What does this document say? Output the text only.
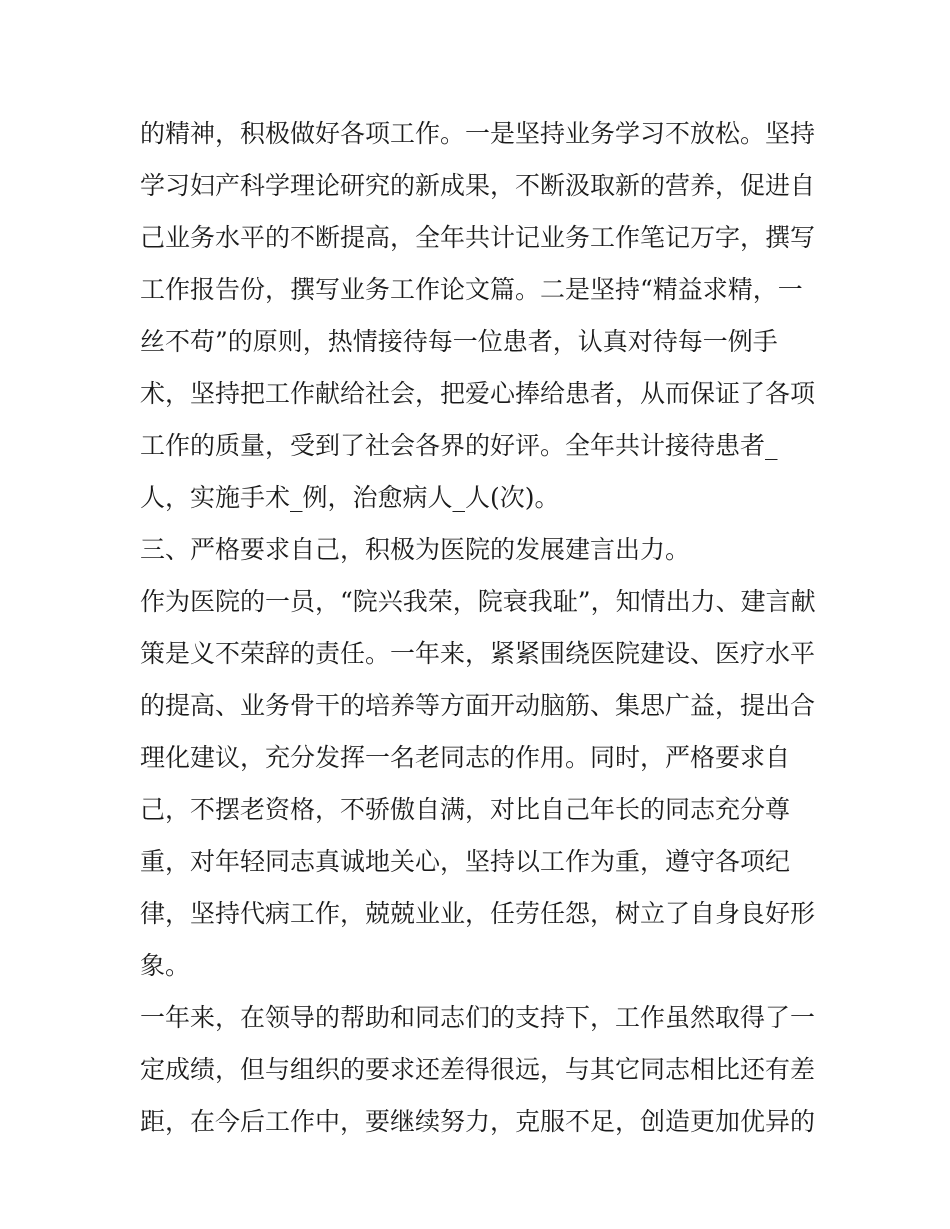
的精神，积极做好各项工作。一是坚持业务学习不放松。坚持
学习妇产科学理论研究的新成果，不断汲取新的营养，促进自
己业务水平的不断提高，全年共计记业务工作笔记万字，撰写
工作报告份，撰写业务工作论文篇。二是坚持“精益求精，一
丝不苟”的原则，热情接待每一位患者，认真对待每一例手
术，坚持把工作献给社会，把爱心捧给患者，从而保证了各项
工作的质量，受到了社会各界的好评。全年共计接待患者_
人，实施手术_例，治愈病人_人(次)。
三、严格要求自己，积极为医院的发展建言出力。
作为医院的一员，“院兴我荣，院衰我耻”，知情出力、建言献
策是义不荣辞的责任。一年来，紧紧围绕医院建设、医疗水平
的提高、业务骨干的培养等方面开动脑筋、集思广益，提出合
理化建议，充分发挥一名老同志的作用。同时，严格要求自
己，不摆老资格，不骄傲自满，对比自己年长的同志充分尊
重，对年轻同志真诚地关心，坚持以工作为重，遵守各项纪
律，坚持代病工作，兢兢业业，任劳任怨，树立了自身良好形
象。
一年来，在领导的帮助和同志们的支持下，工作虽然取得了一
定成绩，但与组织的要求还差得很远，与其它同志相比还有差
距，在今后工作中，要继续努力，克服不足，创造更加优异的
